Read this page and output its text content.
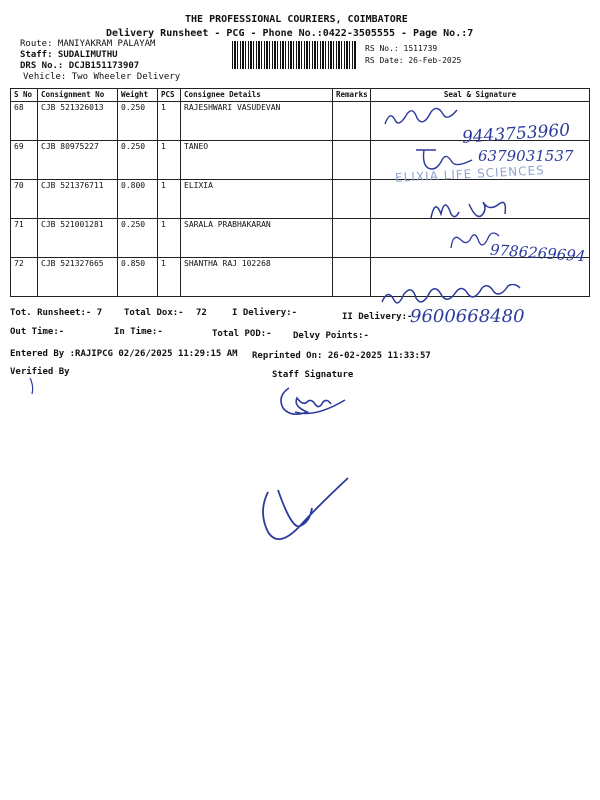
THE PROFESSIONAL COURIERS, COIMBATORE
Delivery Runsheet - PCG - Phone No.:0422-3505555 - Page No.:7
Route: MANIYAKRAM PALAYAM
Staff: SUDALIMUTHU
DRS No.: DCJB151173907
Vehicle: Two Wheeler Delivery
RS No.: 1511739
RS Date: 26-Feb-2025
S No	Consignment No	Weight	PCS	Consignee Details	Remarks	Seal & Signature
68	CJB 521326013	0.250	1	RAJESHWARI VASUDEVAN		
69	CJB 80975227	0.250	1	TANEO		
70	CJB 521376711	0.800	1	ELIXIA		
71	CJB 521001281	0.250	1	SARALA PRABHAKARAN		
72	CJB 521327665	0.850	1	SHANTHA RAJ 102268		
Tot. Runsheet:- 7 Total Dox:- 72	I Delivery:-	II Delivery:-
Out Time:-	In Time:-	Total POD:- Delvy Points:-
Entered By :RAJIPCG 02/26/2025 11:29:15 AM Reprinted On: 26-02-2025 11:33:57
Verified By	Staff Signature
9443753960
6379031537
ELIXIA LIFE SCIENCES
9786269694
9600668480
